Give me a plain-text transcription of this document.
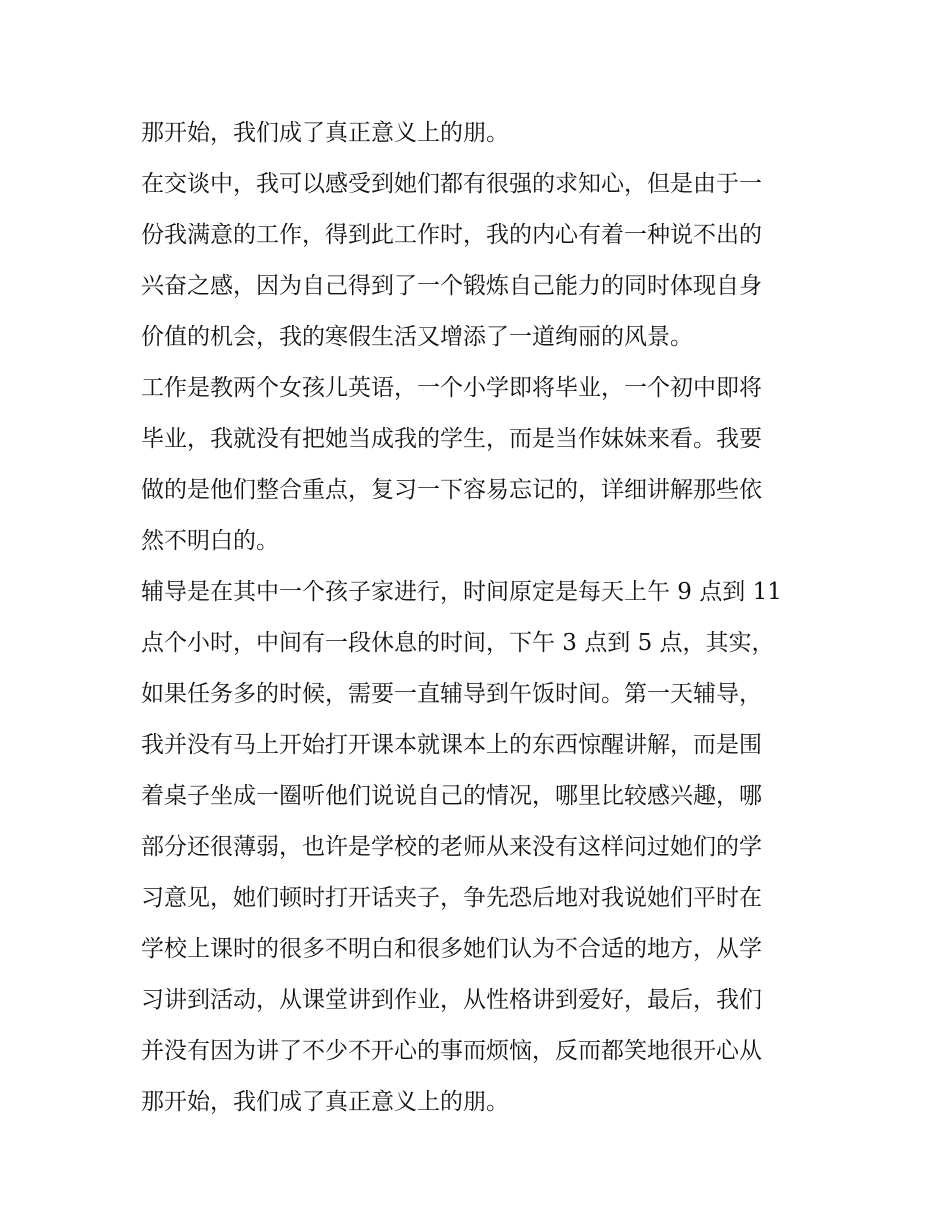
那开始，我们成了真正意义上的朋。
在交谈中，我可以感受到她们都有很强的求知心，但是由于一
份我满意的工作，得到此工作时，我的内心有着一种说不出的
兴奋之感，因为自己得到了一个锻炼自己能力的同时体现自身
价值的机会，我的寒假生活又增添了一道绚丽的风景。
工作是教两个女孩儿英语，一个小学即将毕业，一个初中即将
毕业，我就没有把她当成我的学生，而是当作妹妹来看。我要
做的是他们整合重点，复习一下容易忘记的，详细讲解那些依
然不明白的。
辅导是在其中一个孩子家进行，时间原定是每天上午 9 点到 11
点个小时，中间有一段休息的时间，下午 3 点到 5 点，其实，
如果任务多的时候，需要一直辅导到午饭时间。第一天辅导，
我并没有马上开始打开课本就课本上的东西惊醒讲解，而是围
着桌子坐成一圈听他们说说自己的情况，哪里比较感兴趣，哪
部分还很薄弱，也许是学校的老师从来没有这样问过她们的学
习意见，她们顿时打开话夹子，争先恐后地对我说她们平时在
学校上课时的很多不明白和很多她们认为不合适的地方，从学
习讲到活动，从课堂讲到作业，从性格讲到爱好，最后，我们
并没有因为讲了不少不开心的事而烦恼，反而都笑地很开心从
那开始，我们成了真正意义上的朋。
